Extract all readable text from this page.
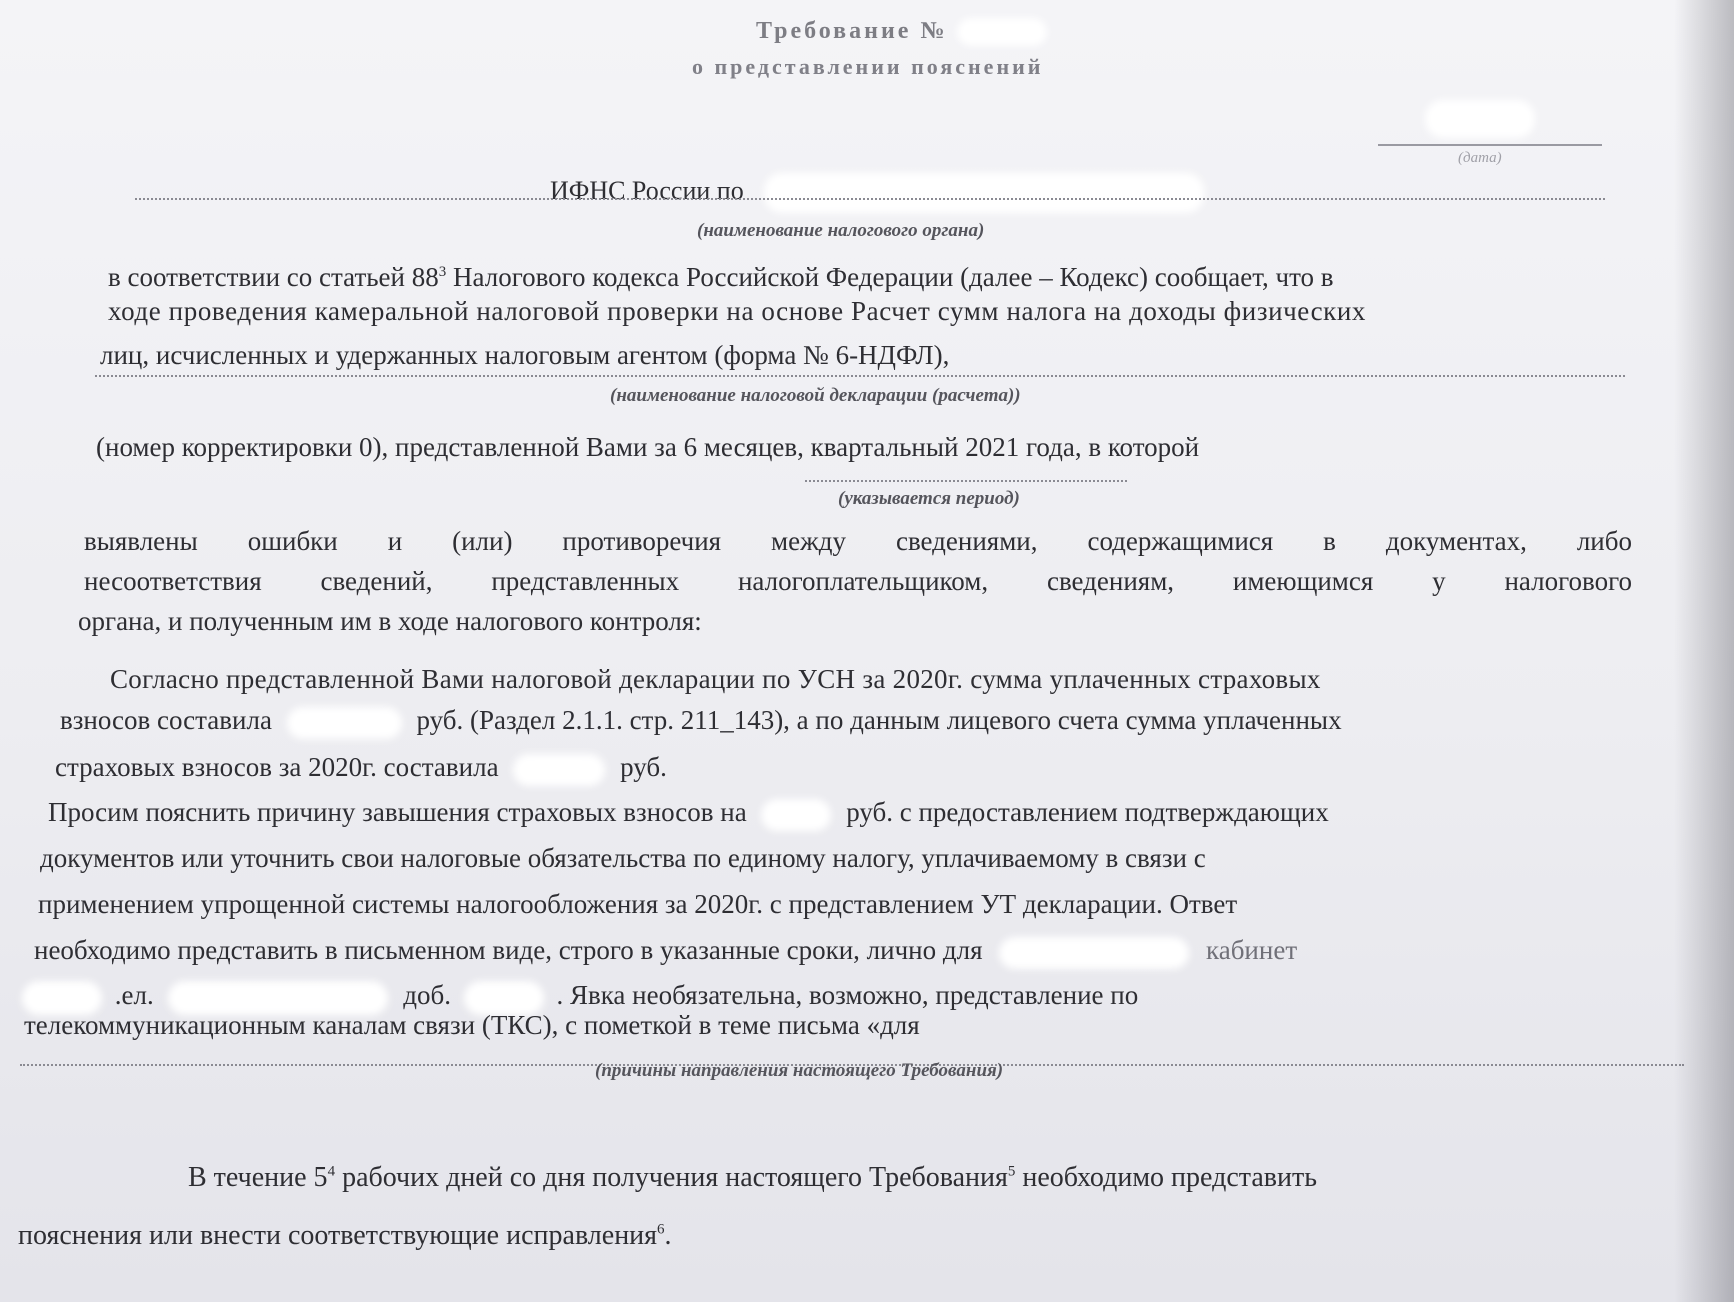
Требование №
о представлении пояснений
(дата)
ИФНС России по
(наименование налогового органа)
в соответствии со статьей $88^3$ Налогового кодекса Российской Федерации (далее – Кодекс) сообщает, что в
ходе проведения камеральной налоговой проверки на основе Расчет сумм налога на доходы физических
лиц, исчисленных и удержанных налоговым агентом (форма № 6-НДФЛ),
(наименование налоговой декларации (расчета))
(номер корректировки 0), представленной Вами за 6 месяцев, квартальный 2021 года, в которой
(указывается период)
выявлены ошибки и (или) противоречия между сведениями, содержащимися в документах, либо
несоответствия сведений, представленных налогоплательщиком, сведениям, имеющимся у налогового
органа, и полученным им в ходе налогового контроля:
Согласно представленной Вами налоговой декларации по УСН за 2020г. сумма уплаченных страховых
взносов составила	руб. (Раздел 2.1.1. стр. 211_143), а по данным лицевого счета сумма уплаченных
страховых взносов за 2020г. составила	руб.
Просим пояснить причину завышения страховых взносов на	руб. с предоставлением подтверждающих
документов или уточнить свои налоговые обязательства по единому налогу, уплачиваемому в связи с
применением упрощенной системы налогообложения за 2020г. с представлением УТ декларации. Ответ
необходимо представить в письменном виде, строго в указанные сроки, лично для	кабинет
.ел.	доб.	. Явка необязательна, возможно, представление по
телекоммуникационным каналам связи (ТКС), с пометкой в теме письма «для
(причины направления настоящего Требования)
В течение $5^4$ рабочих дней со дня получения настоящего Требования$^5$ необходимо представить
пояснения или внести соответствующие исправления$^6$.
